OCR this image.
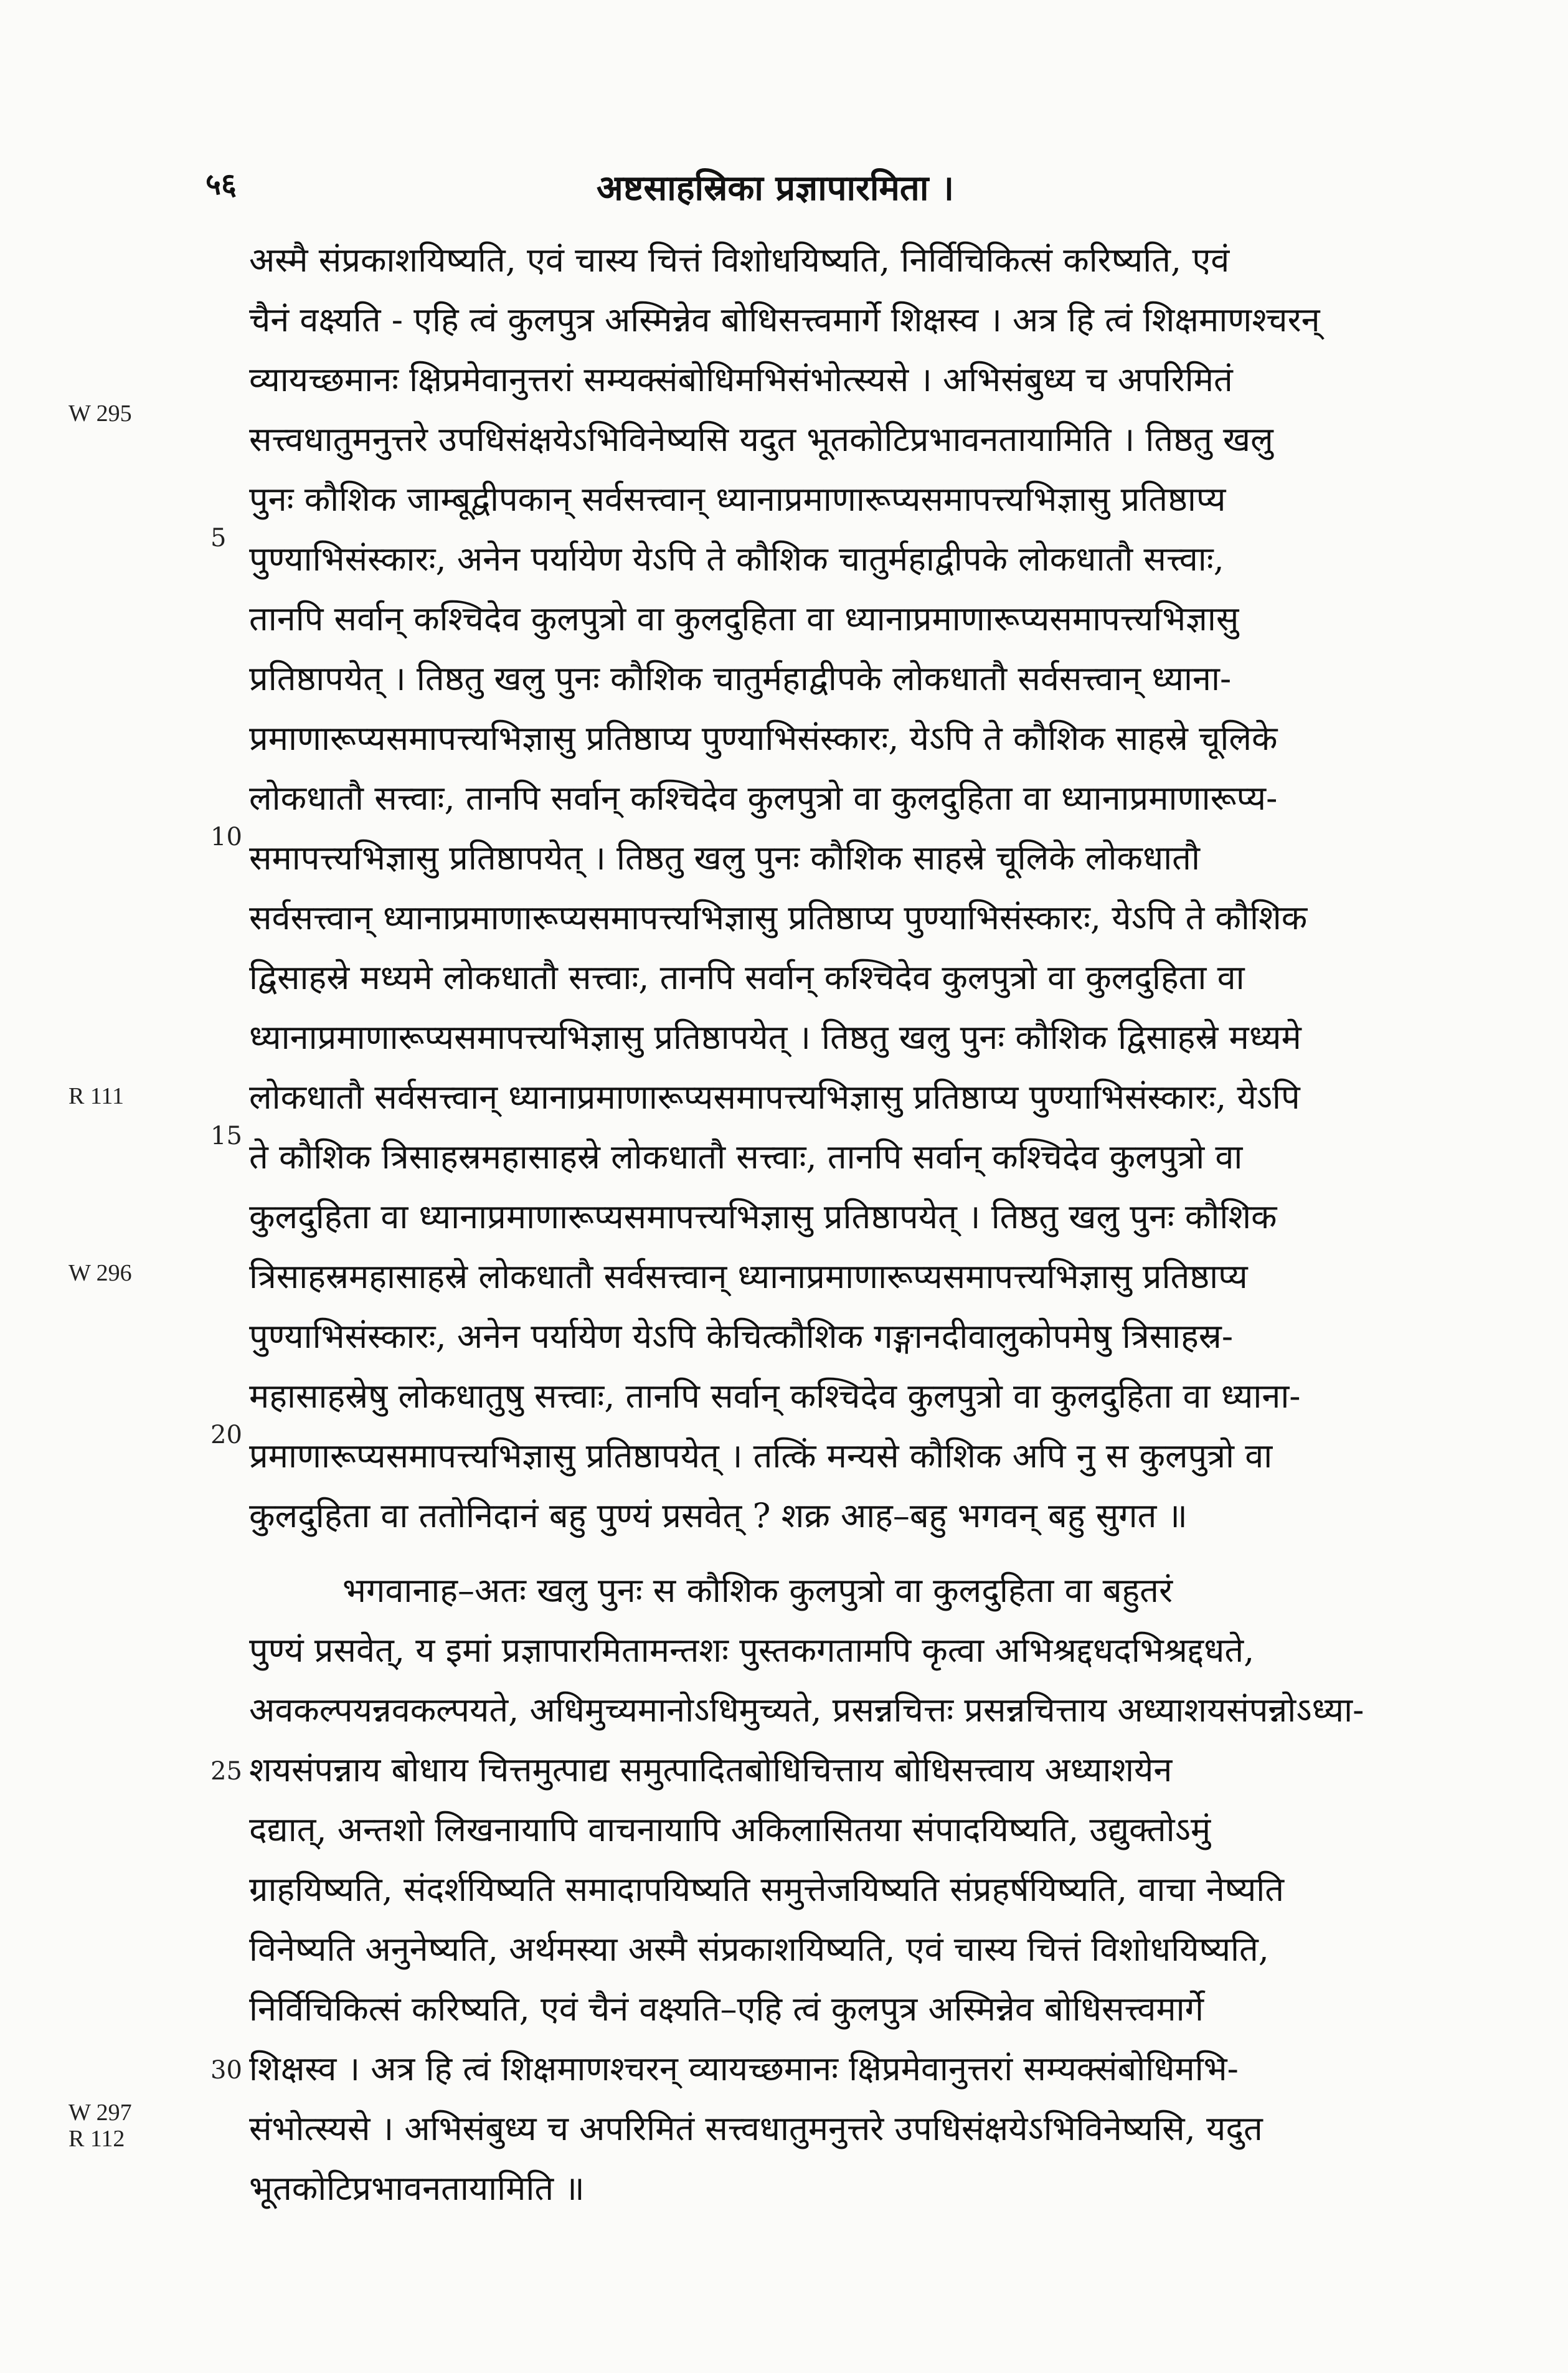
५६	अष्टसाहस्रिका प्रज्ञापारमिता ।
W 295
R 111
W 296
W 297
R 112
5
10
15
20
25
30
अस्मै संप्रकाशयिष्यति, एवं चास्य चित्तं विशोधयिष्यति, निर्विचिकित्सं करिष्यति, एवं
चैनं वक्ष्यति - एहि त्वं कुलपुत्र अस्मिन्नेव बोधिसत्त्वमार्गे शिक्षस्व । अत्र हि त्वं शिक्षमाणश्चरन्
व्यायच्छमानः क्षिप्रमेवानुत्तरां सम्यक्संबोधिमभिसंभोत्स्यसे । अभिसंबुध्य च अपरिमितं
सत्त्वधातुमनुत्तरे उपधिसंक्षयेऽभिविनेष्यसि यदुत भूतकोटिप्रभावनतायामिति । तिष्ठतु खलु
पुनः कौशिक जाम्बूद्वीपकान् सर्वसत्त्वान् ध्यानाप्रमाणारूप्यसमापत्त्यभिज्ञासु प्रतिष्ठाप्य
पुण्याभिसंस्कारः, अनेन पर्यायेण येऽपि ते कौशिक चातुर्महाद्वीपके लोकधातौ सत्त्वाः,
तानपि सर्वान् कश्चिदेव कुलपुत्रो वा कुलदुहिता वा ध्यानाप्रमाणारूप्यसमापत्त्यभिज्ञासु
प्रतिष्ठापयेत् । तिष्ठतु खलु पुनः कौशिक चातुर्महाद्वीपके लोकधातौ सर्वसत्त्वान् ध्याना-
प्रमाणारूप्यसमापत्त्यभिज्ञासु प्रतिष्ठाप्य पुण्याभिसंस्कारः, येऽपि ते कौशिक साहस्रे चूलिके
लोकधातौ सत्त्वाः, तानपि सर्वान् कश्चिदेव कुलपुत्रो वा कुलदुहिता वा ध्यानाप्रमाणारूप्य-
समापत्त्यभिज्ञासु प्रतिष्ठापयेत् । तिष्ठतु खलु पुनः कौशिक साहस्रे चूलिके लोकधातौ
सर्वसत्त्वान् ध्यानाप्रमाणारूप्यसमापत्त्यभिज्ञासु प्रतिष्ठाप्य पुण्याभिसंस्कारः, येऽपि ते कौशिक
द्विसाहस्रे मध्यमे लोकधातौ सत्त्वाः, तानपि सर्वान् कश्चिदेव कुलपुत्रो वा कुलदुहिता वा
ध्यानाप्रमाणारूप्यसमापत्त्यभिज्ञासु प्रतिष्ठापयेत् । तिष्ठतु खलु पुनः कौशिक द्विसाहस्रे मध्यमे
लोकधातौ सर्वसत्त्वान् ध्यानाप्रमाणारूप्यसमापत्त्यभिज्ञासु प्रतिष्ठाप्य पुण्याभिसंस्कारः, येऽपि
ते कौशिक त्रिसाहस्रमहासाहस्रे लोकधातौ सत्त्वाः, तानपि सर्वान् कश्चिदेव कुलपुत्रो वा
कुलदुहिता वा ध्यानाप्रमाणारूप्यसमापत्त्यभिज्ञासु प्रतिष्ठापयेत् । तिष्ठतु खलु पुनः कौशिक
त्रिसाहस्रमहासाहस्रे लोकधातौ सर्वसत्त्वान् ध्यानाप्रमाणारूप्यसमापत्त्यभिज्ञासु प्रतिष्ठाप्य
पुण्याभिसंस्कारः, अनेन पर्यायेण येऽपि केचित्कौशिक गङ्गानदीवालुकोपमेषु त्रिसाहस्र-
महासाहस्रेषु लोकधातुषु सत्त्वाः, तानपि सर्वान् कश्चिदेव कुलपुत्रो वा कुलदुहिता वा ध्याना-
प्रमाणारूप्यसमापत्त्यभिज्ञासु प्रतिष्ठापयेत् । तत्किं मन्यसे कौशिक अपि नु स कुलपुत्रो वा
कुलदुहिता वा ततोनिदानं बहु पुण्यं प्रसवेत् ? शक्र आह–बहु भगवन् बहु सुगत ॥
भगवानाह–अतः खलु पुनः स कौशिक कुलपुत्रो वा कुलदुहिता वा बहुतरं
पुण्यं प्रसवेत्, य इमां प्रज्ञापारमितामन्तशः पुस्तकगतामपि कृत्वा अभिश्रद्दधदभिश्रद्दधते,
अवकल्पयन्नवकल्पयते, अधिमुच्यमानोऽधिमुच्यते, प्रसन्नचित्तः प्रसन्नचित्ताय अध्याशयसंपन्नोऽध्या-
शयसंपन्नाय बोधाय चित्तमुत्पाद्य समुत्पादितबोधिचित्ताय बोधिसत्त्वाय अध्याशयेन
दद्यात्, अन्तशो लिखनायापि वाचनायापि अकिलासितया संपादयिष्यति, उद्युक्तोऽमुं
ग्राहयिष्यति, संदर्शयिष्यति समादापयिष्यति समुत्तेजयिष्यति संप्रहर्षयिष्यति, वाचा नेष्यति
विनेष्यति अनुनेष्यति, अर्थमस्या अस्मै संप्रकाशयिष्यति, एवं चास्य चित्तं विशोधयिष्यति,
निर्विचिकित्सं करिष्यति, एवं चैनं वक्ष्यति–एहि त्वं कुलपुत्र अस्मिन्नेव बोधिसत्त्वमार्गे
शिक्षस्व । अत्र हि त्वं शिक्षमाणश्चरन् व्यायच्छमानः क्षिप्रमेवानुत्तरां सम्यक्संबोधिमभि-
संभोत्स्यसे । अभिसंबुध्य च अपरिमितं सत्त्वधातुमनुत्तरे उपधिसंक्षयेऽभिविनेष्यसि, यदुत
भूतकोटिप्रभावनतायामिति ॥
